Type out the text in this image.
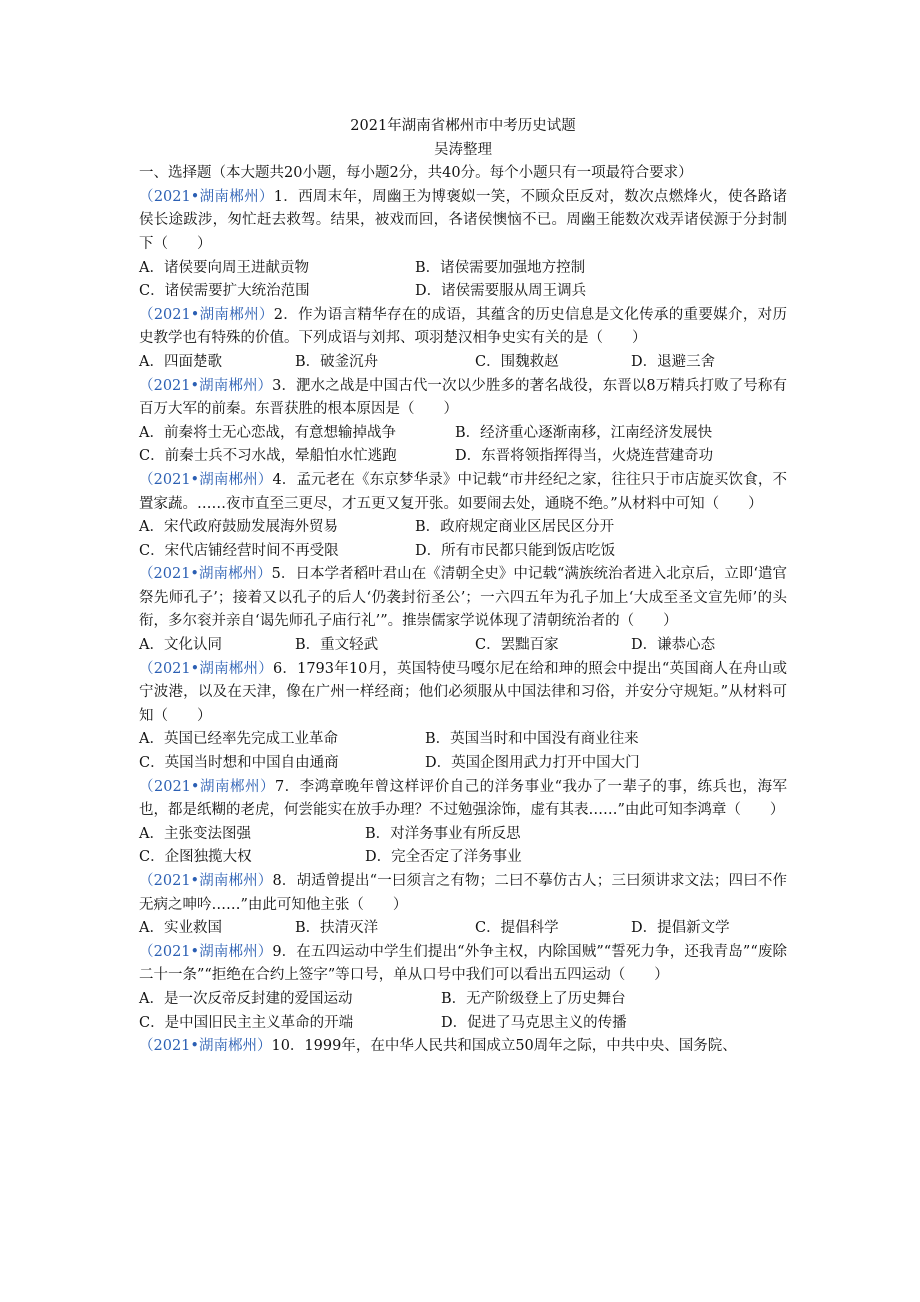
2021年湖南省郴州市中考历史试题

吴涛整理

一、选择题（本大题共20小题，每小题2分，共40分。每个小题只有一项最符合要求）

（2021•湖南郴州）1．西周末年，周幽王为博褒姒一笑，不顾众臣反对，数次点燃烽火，使各路诸侯长途跋涉，匆忙赶去救驾。结果，被戏而回，各诸侯懊恼不已。周幽王能数次戏弄诸侯源于分封制下（　　）

A．诸侯要向周王进献贡物	B．诸侯需要加强地方控制
C．诸侯需要扩大统治范围	D．诸侯需要服从周王调兵

（2021•湖南郴州）2．作为语言精华存在的成语，其蕴含的历史信息是文化传承的重要媒介，对历史教学也有特殊的价值。下列成语与刘邦、项羽楚汉相争史实有关的是（　　）

A．四面楚歌	B．破釜沉舟	C．围魏救赵	D．退避三舍

（2021•湖南郴州）3．淝水之战是中国古代一次以少胜多的著名战役，东晋以8万精兵打败了号称有百万大军的前秦。东晋获胜的根本原因是（　　）

A．前秦将士无心恋战，有意想输掉战争	B．经济重心逐渐南移，江南经济发展快
C．前秦士兵不习水战，晕船怕水忙逃跑	D．东晋将领指挥得当，火烧连营建奇功

（2021•湖南郴州）4．孟元老在《东京梦华录》中记载“市井经纪之家，往往只于市店旋买饮食，不置家蔬。……夜市直至三更尽，才五更又复开张。如要闹去处，通晓不绝。”从材料中可知（　　）

A．宋代政府鼓励发展海外贸易	B．政府规定商业区居民区分开
C．宋代店铺经营时间不再受限	D．所有市民都只能到饭店吃饭

（2021•湖南郴州）5．日本学者稻叶君山在《清朝全史》中记载“满族统治者进入北京后，立即‘遣官祭先师孔子’；接着又以孔子的后人‘仍袭封衍圣公’；一六四五年为孔子加上‘大成至圣文宣先师’的头衔，多尔衮并亲自‘谒先师孔子庙行礼’”。推崇儒家学说体现了清朝统治者的（　　）

A．文化认同	B．重文轻武	C．罢黜百家	D．谦恭心态

（2021•湖南郴州）6．1793年10月，英国特使马嘎尔尼在给和珅的照会中提出“英国商人在舟山或宁波港，以及在天津，像在广州一样经商；他们必须服从中国法律和习俗，并安分守规矩。”从材料可知（　　）

A．英国已经率先完成工业革命	B．英国当时和中国没有商业往来
C．英国当时想和中国自由通商	D．英国企图用武力打开中国大门

（2021•湖南郴州）7．李鸿章晚年曾这样评价自己的洋务事业“我办了一辈子的事，练兵也，海军也，都是纸糊的老虎，何尝能实在放手办理？不过勉强涂饰，虚有其表……”由此可知李鸿章（　　）

A．主张变法图强	B．对洋务事业有所反思
C．企图独揽大权	D．完全否定了洋务事业

（2021•湖南郴州）8．胡适曾提出“一曰须言之有物；二曰不摹仿古人；三曰须讲求文法；四曰不作无病之呻吟……”由此可知他主张（　　）

A．实业救国	B．扶清灭洋	C．提倡科学	D．提倡新文学

（2021•湖南郴州）9．在五四运动中学生们提出“外争主权，内除国贼”“誓死力争，还我青岛”“废除二十一条”“拒绝在合约上签字”等口号，单从口号中我们可以看出五四运动（　　）

A．是一次反帝反封建的爱国运动	B．无产阶级登上了历史舞台
C．是中国旧民主主义革命的开端	D．促进了马克思主义的传播

（2021•湖南郴州）10．1999年，在中华人民共和国成立50周年之际，中共中央、国务院、
